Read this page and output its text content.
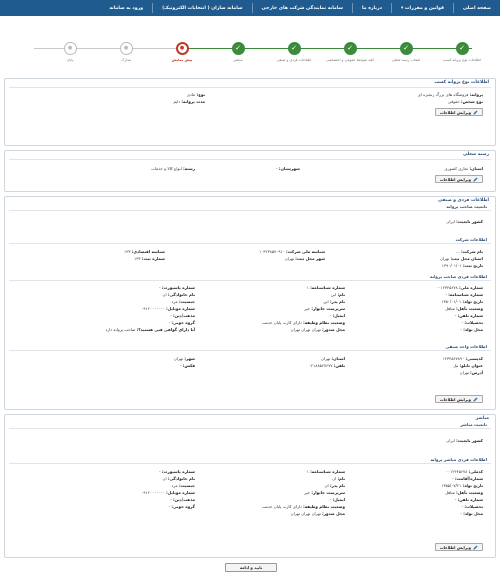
صفحه اصلی
قوانین و مقررات ▾
درباره ما
سامانه نمایندگی شرکت های خارجی
سامانه سازان ( انتخابات الکترونیک)
ورود به سامانه
✓
اطلاعات نوع پروانه کسب
✓
انتخاب رسته شغلی
✓
کلید ضوابط عمومی و اختصاصی
✓
اطلاعات فردی و صنفی
✓
مباشر
●
پیش نمایش
●
مدارک
●
پایان
اطلاعات نوع پروانه کسب
پروانه: فروشگاه های بزرگ زنجیره ای
نوع شخص: حقوقی
نوع: عادی
مدت پروانه: دایم
ویرایش اطلاعات
رسته شغلی
استان: تجاری کشوری
شهرستان: -
رسته: انواع کالا و خدمات
ویرایش اطلاعات
اطلاعات فردی و صنفی
تابعیت صاحب پروانه
کشور تابعیت: ایران
اطلاعات شرکت
نام شرکت: ...
شناسه ملی شرکت: ۱۰۳۲۳۸۵۷۰۹۱۰
شناسه اقتصادی: ۱۳۳
استان محل ثبت: تهران
شهر محل ثبت: تهران
شماره ثبت: ۱۳۳
تاریخ ثبت: ۱۳۹۰/۰۱/۰۱
اطلاعات فردی صاحب پروانه
شماره ملی: ۰۰۱۲۳۴۵۶۷۸
شماره شناسنامه: -
تاریخ تولد: ۱۳۵۰/۰۱/۰۱
وضعیت تأهل: متاهل
شماره تلفن: -
تحصیلات: -
محل تولد: -
شماره شناسنامه: ۱
نام: ابن
نام پدر: ابن
سرپرست خانوار: خیر
ایمیل: -
وضعیت نظام وظیفه: دارای کارت پایان خدمت
محل صدور: تهران تهران تهران
شماره پاسپورت: -
نام خانوادگی: ان
جنسیت: مرد
شماره موبایل: ۰۹۱۲۰۰۰۰۰۰۰
مذهب/دین: -
گروه خونی: -
آیا دارای گواهی فنی هستید؟: صاحب پروانه دارد
اطلاعات واحد صنفی
کدپستی: ۱۲۳۴۵۶۷۸۹۰
عنوان تابلو: نیل
آدرس: تهران
استان: تهران
تلفن: ۰۲۱۸۸۵۶۷۶۷۷
شهر: تهران
فکس: -
ویرایش اطلاعات
مباشر
تابعیت مباشر
کشور تابعیت: ایران
اطلاعات فردی مباشر پروانه
کدملی: ۰۰۱۲۳۴۵۶۷۸
شماره/آقامت: -
تاریخ تولد: ۱۳۵۵/۰۷/۲۱
وضعیت تأهل: متاهل
شماره تلفن: -
تحصیلات: -
محل تولد: -
شماره شناسنامه: ۱
نام: ان
نام پدر: ان
سرپرست خانوار: خیر
ایمیل: -
وضعیت نظام وظیفه: دارای کارت پایان خدمت
محل صدور: تهران تهران تهران
شماره پاسپورت: -
نام خانوادگی: ان
جنسیت: مرد
شماره موبایل: ۰۹۱۲۰۰۰۰۰۰۰
مذهب/دین: -
گروه خونی: -
ویرایش اطلاعات
تایید و ادامه
